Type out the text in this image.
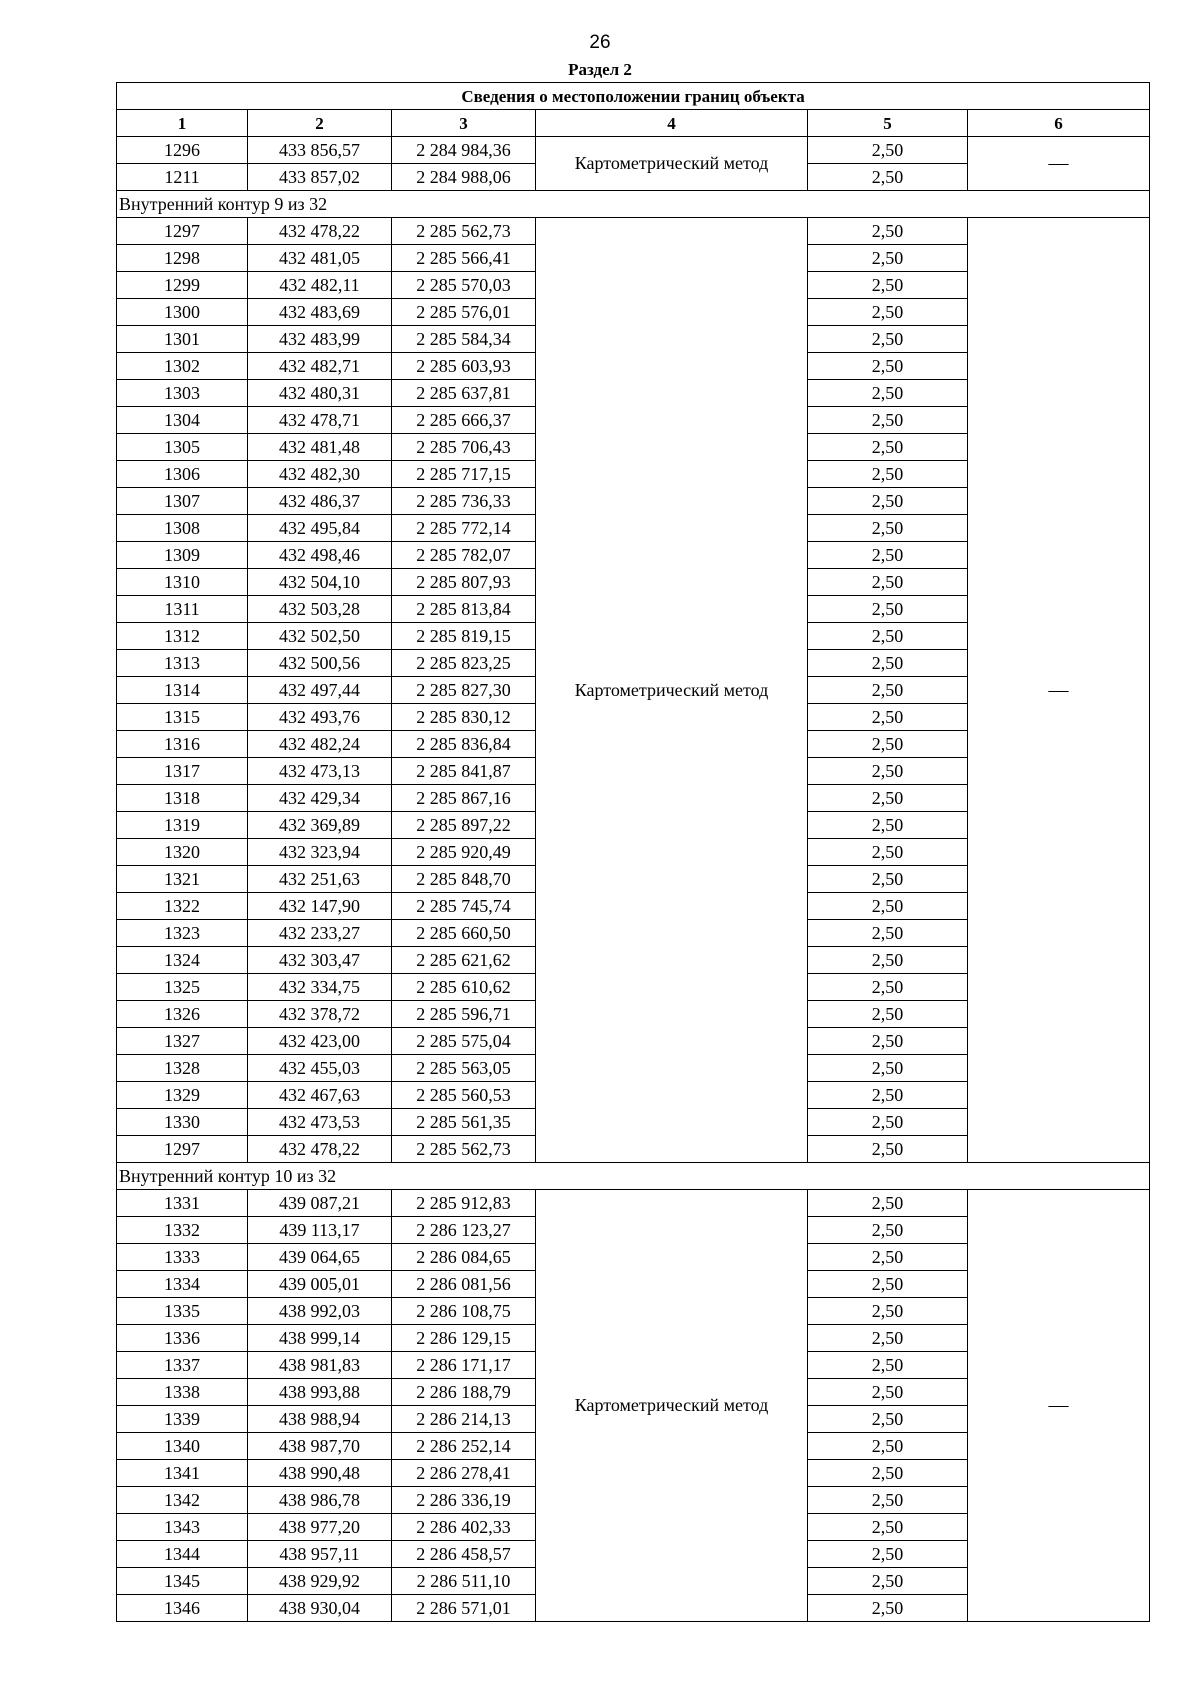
26
Раздел 2
Сведения о местоположении границ объекта					
1	2	3	4	5	6
1296	433 856,57	2 284 984,36	Картометрический метод	2,50	—
1211	433 857,02	2 284 988,06		2,50	
Внутренний контур 9 из 32					
1297	432 478,22	2 285 562,73	Картометрический метод	2,50	—
1298	432 481,05	2 285 566,41		2,50	
1299	432 482,11	2 285 570,03		2,50	
1300	432 483,69	2 285 576,01		2,50	
1301	432 483,99	2 285 584,34		2,50	
1302	432 482,71	2 285 603,93		2,50	
1303	432 480,31	2 285 637,81		2,50	
1304	432 478,71	2 285 666,37		2,50	
1305	432 481,48	2 285 706,43		2,50	
1306	432 482,30	2 285 717,15		2,50	
1307	432 486,37	2 285 736,33		2,50	
1308	432 495,84	2 285 772,14		2,50	
1309	432 498,46	2 285 782,07		2,50	
1310	432 504,10	2 285 807,93		2,50	
1311	432 503,28	2 285 813,84		2,50	
1312	432 502,50	2 285 819,15		2,50	
1313	432 500,56	2 285 823,25		2,50	
1314	432 497,44	2 285 827,30		2,50	
1315	432 493,76	2 285 830,12		2,50	
1316	432 482,24	2 285 836,84		2,50	
1317	432 473,13	2 285 841,87		2,50	
1318	432 429,34	2 285 867,16		2,50	
1319	432 369,89	2 285 897,22		2,50	
1320	432 323,94	2 285 920,49		2,50	
1321	432 251,63	2 285 848,70		2,50	
1322	432 147,90	2 285 745,74		2,50	
1323	432 233,27	2 285 660,50		2,50	
1324	432 303,47	2 285 621,62		2,50	
1325	432 334,75	2 285 610,62		2,50	
1326	432 378,72	2 285 596,71		2,50	
1327	432 423,00	2 285 575,04		2,50	
1328	432 455,03	2 285 563,05		2,50	
1329	432 467,63	2 285 560,53		2,50	
1330	432 473,53	2 285 561,35		2,50	
1297	432 478,22	2 285 562,73		2,50	
Внутренний контур 10 из 32					
1331	439 087,21	2 285 912,83	Картометрический метод	2,50	—
1332	439 113,17	2 286 123,27		2,50	
1333	439 064,65	2 286 084,65		2,50	
1334	439 005,01	2 286 081,56		2,50	
1335	438 992,03	2 286 108,75		2,50	
1336	438 999,14	2 286 129,15		2,50	
1337	438 981,83	2 286 171,17		2,50	
1338	438 993,88	2 286 188,79		2,50	
1339	438 988,94	2 286 214,13		2,50	
1340	438 987,70	2 286 252,14		2,50	
1341	438 990,48	2 286 278,41		2,50	
1342	438 986,78	2 286 336,19		2,50	
1343	438 977,20	2 286 402,33		2,50	
1344	438 957,11	2 286 458,57		2,50	
1345	438 929,92	2 286 511,10		2,50	
1346	438 930,04	2 286 571,01		2,50	
